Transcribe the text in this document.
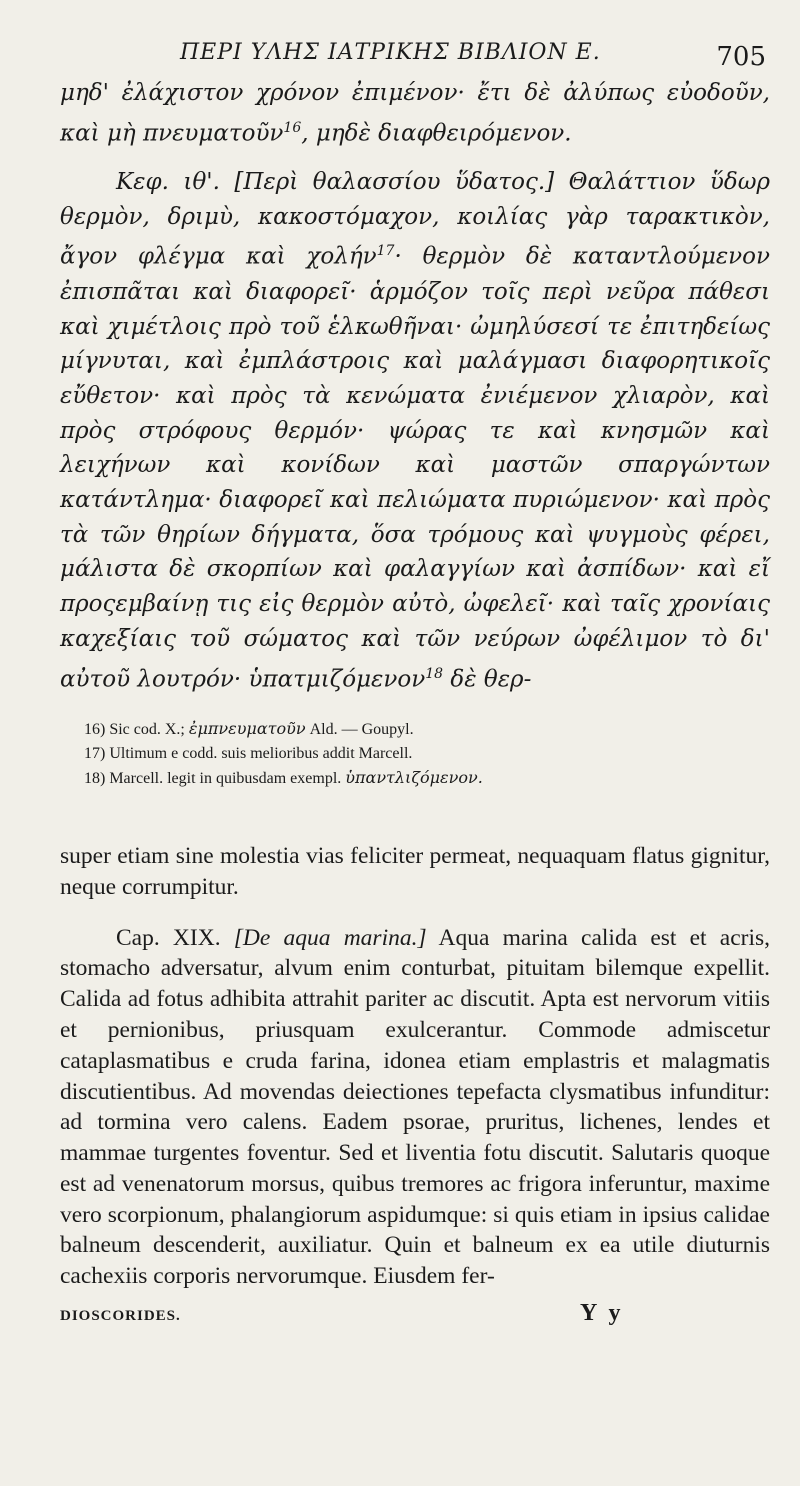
ΠΕΡΙ ΥΛΗΣ ΙΑΤΡΙΚΗΣ ΒΙΒΛΙΟΝ Ε.	705

μηδ' ἐλάχιστον χρόνον ἐπιμένον· ἔτι δὲ ἀλύπως εὐοδοῦν, καὶ μὴ πνευματοῦν$^{16}$, μηδὲ διαφθειρόμενον.

Κεφ. ιθ'. [Περὶ θαλασσίου ὕδατος.] Θαλάττιον ὕδωρ θερμὸν, δριμὺ, κακοστόμαχον, κοιλίας γὰρ ταρακτικὸν, ἄγον φλέγμα καὶ χολήν$^{17}$· θερμὸν δὲ καταντλούμενον ἐπισπᾶται καὶ διαφορεῖ· ἁρμόζον τοῖς περὶ νεῦρα πάθεσι καὶ χιμέτλοις πρὸ τοῦ ἑλκωθῆναι· ὠμηλύσεσί τε ἐπιτηδείως μίγνυται, καὶ ἐμπλάστροις καὶ μαλάγμασι διαφορητικοῖς εὔθετον· καὶ πρὸς τὰ κενώματα ἐνιέμενον χλιαρὸν, καὶ πρὸς στρόφους θερμόν· ψώρας τε καὶ κνησμῶν καὶ λειχήνων καὶ κονίδων καὶ μαστῶν σπαργώντων κατάντλημα· διαφορεῖ καὶ πελιώματα πυριώμενον· καὶ πρὸς τὰ τῶν θηρίων δήγματα, ὅσα τρόμους καὶ ψυγμοὺς φέρει, μάλιστα δὲ σκορπίων καὶ φαλαγγίων καὶ ἀσπίδων· καὶ εἴ προςεμβαίνῃ τις εἰς θερμὸν αὐτὸ, ὠφελεῖ· καὶ ταῖς χρονίαις καχεξίαις τοῦ σώματος καὶ τῶν νεύρων ὠφέλιμον τὸ δι' αὐτοῦ λουτρόν· ὑπατμιζόμενον$^{18}$ δὲ θερ-

16) Sic cod. X.; ἐμπνευματοῦν Ald. — Goupyl.
17) Ultimum e codd. suis melioribus addit Marcell.
18) Marcell. legit in quibusdam exempl. ὑπαντλιζόμενον.

super etiam sine molestia vias feliciter permeat, nequaquam flatus gignitur, neque corrumpitur.

Cap. XIX. [De aqua marina.] Aqua marina calida est et acris, stomacho adversatur, alvum enim conturbat, pituitam bilemque expellit. Calida ad fotus adhibita attrahit pariter ac discutit. Apta est nervorum vitiis et pernionibus, priusquam exulcerantur. Commode admiscetur cataplasmatibus e cruda farina, idonea etiam emplastris et malagmatis discutientibus. Ad movendas deiectiones tepefacta clysmatibus infunditur: ad tormina vero calens. Eadem psorae, pruritus, lichenes, lendes et mammae turgentes foventur. Sed et liventia fotu discutit. Salutaris quoque est ad venenatorum morsus, quibus tremores ac frigora inferuntur, maxime vero scorpionum, phalangiorum aspidumque: si quis etiam in ipsius calidae balneum descenderit, auxiliatur. Quin et balneum ex ea utile diuturnis cachexiis corporis nervorumque. Eiusdem fer-

DIOSCORIDES.	Y y
